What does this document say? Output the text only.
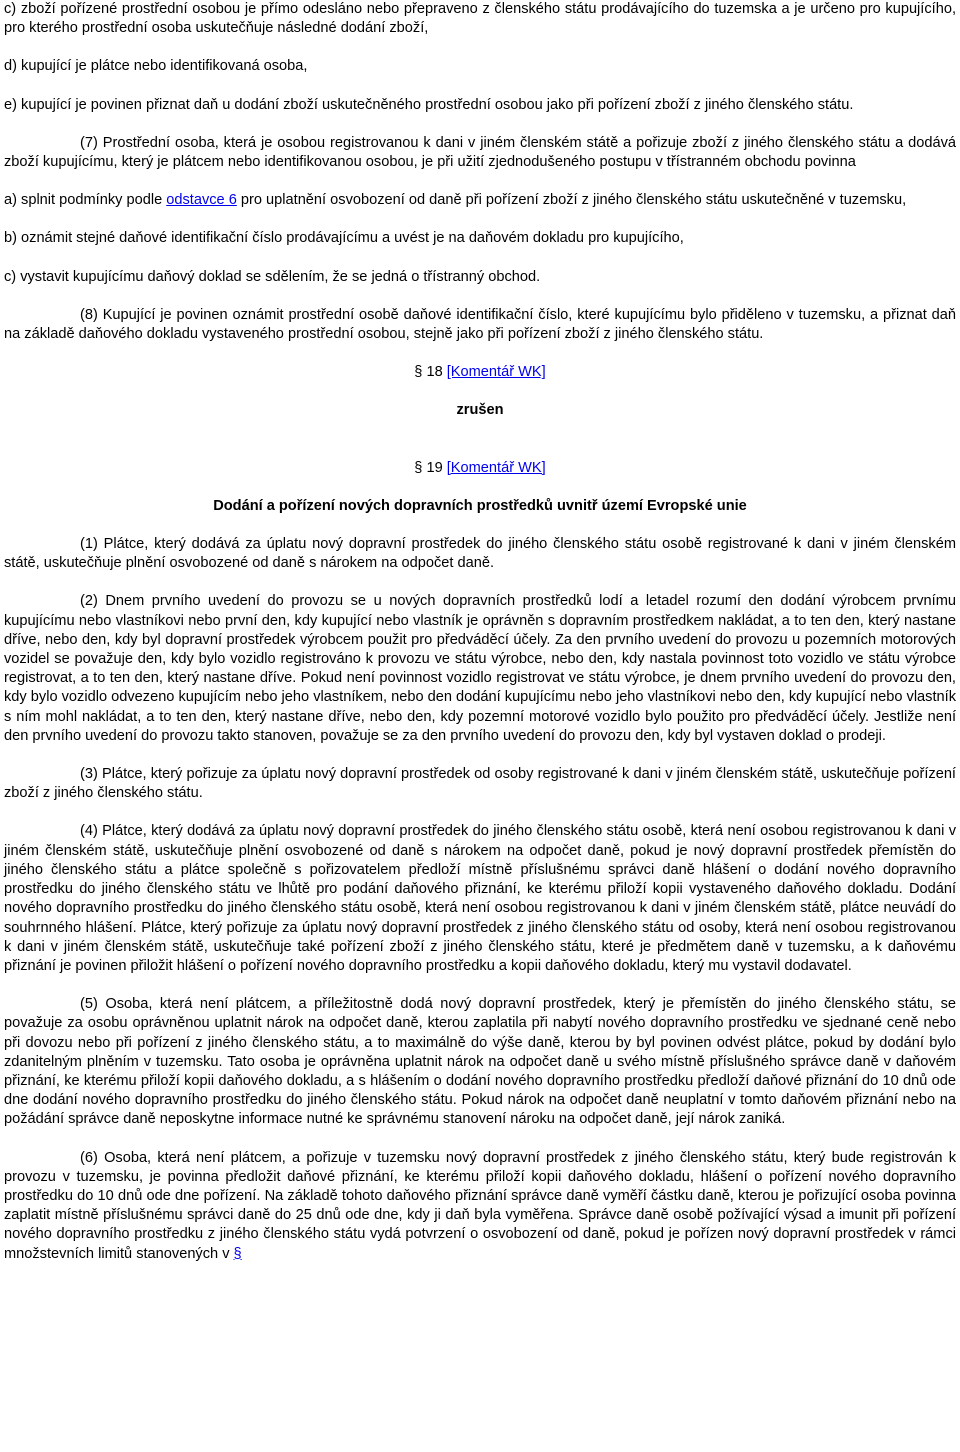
c) zboží pořízené prostřední osobou je přímo odesláno nebo přepraveno z členského státu prodávajícího do tuzemska a je určeno pro kupujícího, pro kterého prostřední osoba uskutečňuje následné dodání zboží,

d) kupující je plátce nebo identifikovaná osoba,

e) kupující je povinen přiznat daň u dodání zboží uskutečněného prostřední osobou jako při pořízení zboží z jiného členského státu.

(7) Prostřední osoba, která je osobou registrovanou k dani v jiném členském státě a pořizuje zboží z jiného členského státu a dodává zboží kupujícímu, který je plátcem nebo identifikovanou osobou, je při užití zjednodušeného postupu v třístranném obchodu povinna

a) splnit podmínky podle odstavce 6 pro uplatnění osvobození od daně při pořízení zboží z jiného členského státu uskutečněné v tuzemsku,

b) oznámit stejné daňové identifikační číslo prodávajícímu a uvést je na daňovém dokladu pro kupujícího,

c) vystavit kupujícímu daňový doklad se sdělením, že se jedná o třístranný obchod.

(8) Kupující je povinen oznámit prostřední osobě daňové identifikační číslo, které kupujícímu bylo přiděleno v tuzemsku, a přiznat daň na základě daňového dokladu vystaveného prostřední osobou, stejně jako při pořízení zboží z jiného členského státu.

§ 18 [Komentář WK]

zrušen

§ 19 [Komentář WK]

Dodání a pořízení nových dopravních prostředků uvnitř území Evropské unie

(1) Plátce, který dodává za úplatu nový dopravní prostředek do jiného členského státu osobě registrované k dani v jiném členském státě, uskutečňuje plnění osvobozené od daně s nárokem na odpočet daně.

(2) Dnem prvního uvedení do provozu se u nových dopravních prostředků lodí a letadel rozumí den dodání výrobcem prvnímu kupujícímu nebo vlastníkovi nebo první den, kdy kupující nebo vlastník je oprávněn s dopravním prostředkem nakládat, a to ten den, který nastane dříve, nebo den, kdy byl dopravní prostředek výrobcem použit pro předváděcí účely. Za den prvního uvedení do provozu u pozemních motorových vozidel se považuje den, kdy bylo vozidlo registrováno k provozu ve státu výrobce, nebo den, kdy nastala povinnost toto vozidlo ve státu výrobce registrovat, a to ten den, který nastane dříve. Pokud není povinnost vozidlo registrovat ve státu výrobce, je dnem prvního uvedení do provozu den, kdy bylo vozidlo odvezeno kupujícím nebo jeho vlastníkem, nebo den dodání kupujícímu nebo jeho vlastníkovi nebo den, kdy kupující nebo vlastník s ním mohl nakládat, a to ten den, který nastane dříve, nebo den, kdy pozemní motorové vozidlo bylo použito pro předváděcí účely. Jestliže není den prvního uvedení do provozu takto stanoven, považuje se za den prvního uvedení do provozu den, kdy byl vystaven doklad o prodeji.

(3) Plátce, který pořizuje za úplatu nový dopravní prostředek od osoby registrované k dani v jiném členském státě, uskutečňuje pořízení zboží z jiného členského státu.

(4) Plátce, který dodává za úplatu nový dopravní prostředek do jiného členského státu osobě, která není osobou registrovanou k dani v jiném členském státě, uskutečňuje plnění osvobozené od daně s nárokem na odpočet daně, pokud je nový dopravní prostředek přemístěn do jiného členského státu a plátce společně s pořizovatelem předloží místně příslušnému správci daně hlášení o dodání nového dopravního prostředku do jiného členského státu ve lhůtě pro podání daňového přiznání, ke kterému přiloží kopii vystaveného daňového dokladu. Dodání nového dopravního prostředku do jiného členského státu osobě, která není osobou registrovanou k dani v jiném členském státě, plátce neuvádí do souhrnného hlášení. Plátce, který pořizuje za úplatu nový dopravní prostředek z jiného členského státu od osoby, která není osobou registrovanou k dani v jiném členském státě, uskutečňuje také pořízení zboží z jiného členského státu, které je předmětem daně v tuzemsku, a k daňovému přiznání je povinen přiložit hlášení o pořízení nového dopravního prostředku a kopii daňového dokladu, který mu vystavil dodavatel.

(5) Osoba, která není plátcem, a příležitostně dodá nový dopravní prostředek, který je přemístěn do jiného členského státu, se považuje za osobu oprávněnou uplatnit nárok na odpočet daně, kterou zaplatila při nabytí nového dopravního prostředku ve sjednané ceně nebo při dovozu nebo při pořízení z jiného členského státu, a to maximálně do výše daně, kterou by byl povinen odvést plátce, pokud by dodání bylo zdanitelným plněním v tuzemsku. Tato osoba je oprávněna uplatnit nárok na odpočet daně u svého místně příslušného správce daně v daňovém přiznání, ke kterému přiloží kopii daňového dokladu, a s hlášením o dodání nového dopravního prostředku předloží daňové přiznání do 10 dnů ode dne dodání nového dopravního prostředku do jiného členského státu. Pokud nárok na odpočet daně neuplatní v tomto daňovém přiznání nebo na požádání správce daně neposkytne informace nutné ke správnému stanovení nároku na odpočet daně, její nárok zaniká.

(6) Osoba, která není plátcem, a pořizuje v tuzemsku nový dopravní prostředek z jiného členského státu, který bude registrován k provozu v tuzemsku, je povinna předložit daňové přiznání, ke kterému přiloží kopii daňového dokladu, hlášení o pořízení nového dopravního prostředku do 10 dnů ode dne pořízení. Na základě tohoto daňového přiznání správce daně vyměří částku daně, kterou je pořizující osoba povinna zaplatit místně příslušnému správci daně do 25 dnů ode dne, kdy ji daň byla vyměřena. Správce daně osobě požívající výsad a imunit při pořízení nového dopravního prostředku z jiného členského státu vydá potvrzení o osvobození od daně, pokud je pořízen nový dopravní prostředek v rámci množstevních limitů stanovených v §
